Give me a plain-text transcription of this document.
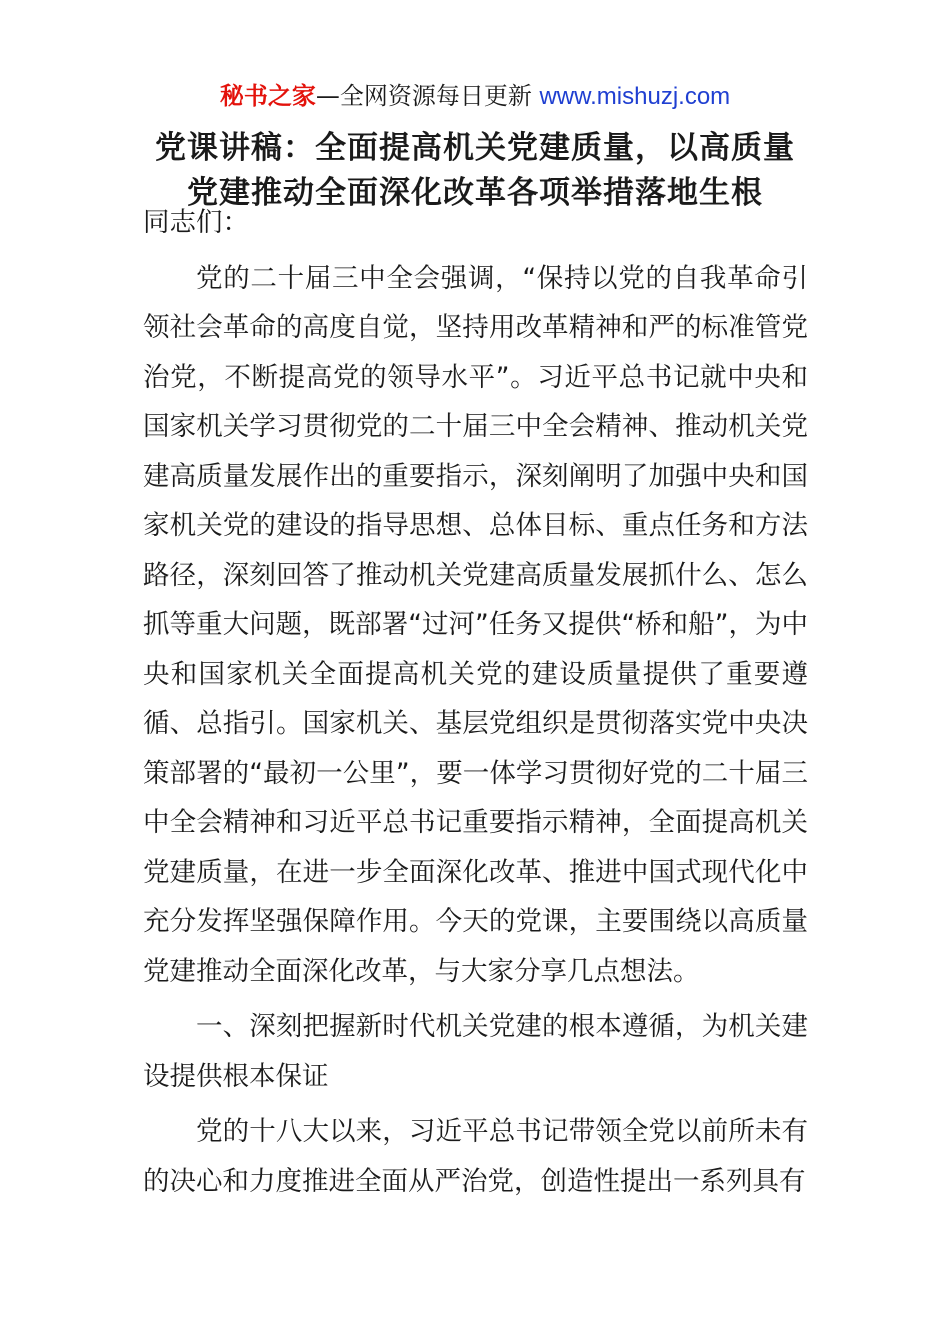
秘书之家—全网资源每日更新 www.mishuzj.com
党课讲稿：全面提高机关党建质量，以高质量
党建推动全面深化改革各项举措落地生根

同志们：

党的二十届三中全会强调，“保持以党的自我革命引领社会革命的高度自觉，坚持用改革精神和严的标准管党治党，不断提高党的领导水平”。习近平总书记就中央和国家机关学习贯彻党的二十届三中全会精神、推动机关党建高质量发展作出的重要指示，深刻阐明了加强中央和国家机关党的建设的指导思想、总体目标、重点任务和方法路径，深刻回答了推动机关党建高质量发展抓什么、怎么抓等重大问题，既部署“过河”任务又提供“桥和船”，为中央和国家机关全面提高机关党的建设质量提供了重要遵循、总指引。国家机关、基层党组织是贯彻落实党中央决策部署的“最初一公里”，要一体学习贯彻好党的二十届三中全会精神和习近平总书记重要指示精神，全面提高机关党建质量，在进一步全面深化改革、推进中国式现代化中充分发挥坚强保障作用。今天的党课，主要围绕以高质量党建推动全面深化改革，与大家分享几点想法。

一、深刻把握新时代机关党建的根本遵循，为机关建设提供根本保证

党的十八大以来，习近平总书记带领全党以前所未有的决心和力度推进全面从严治党，创造性提出一系列具有
